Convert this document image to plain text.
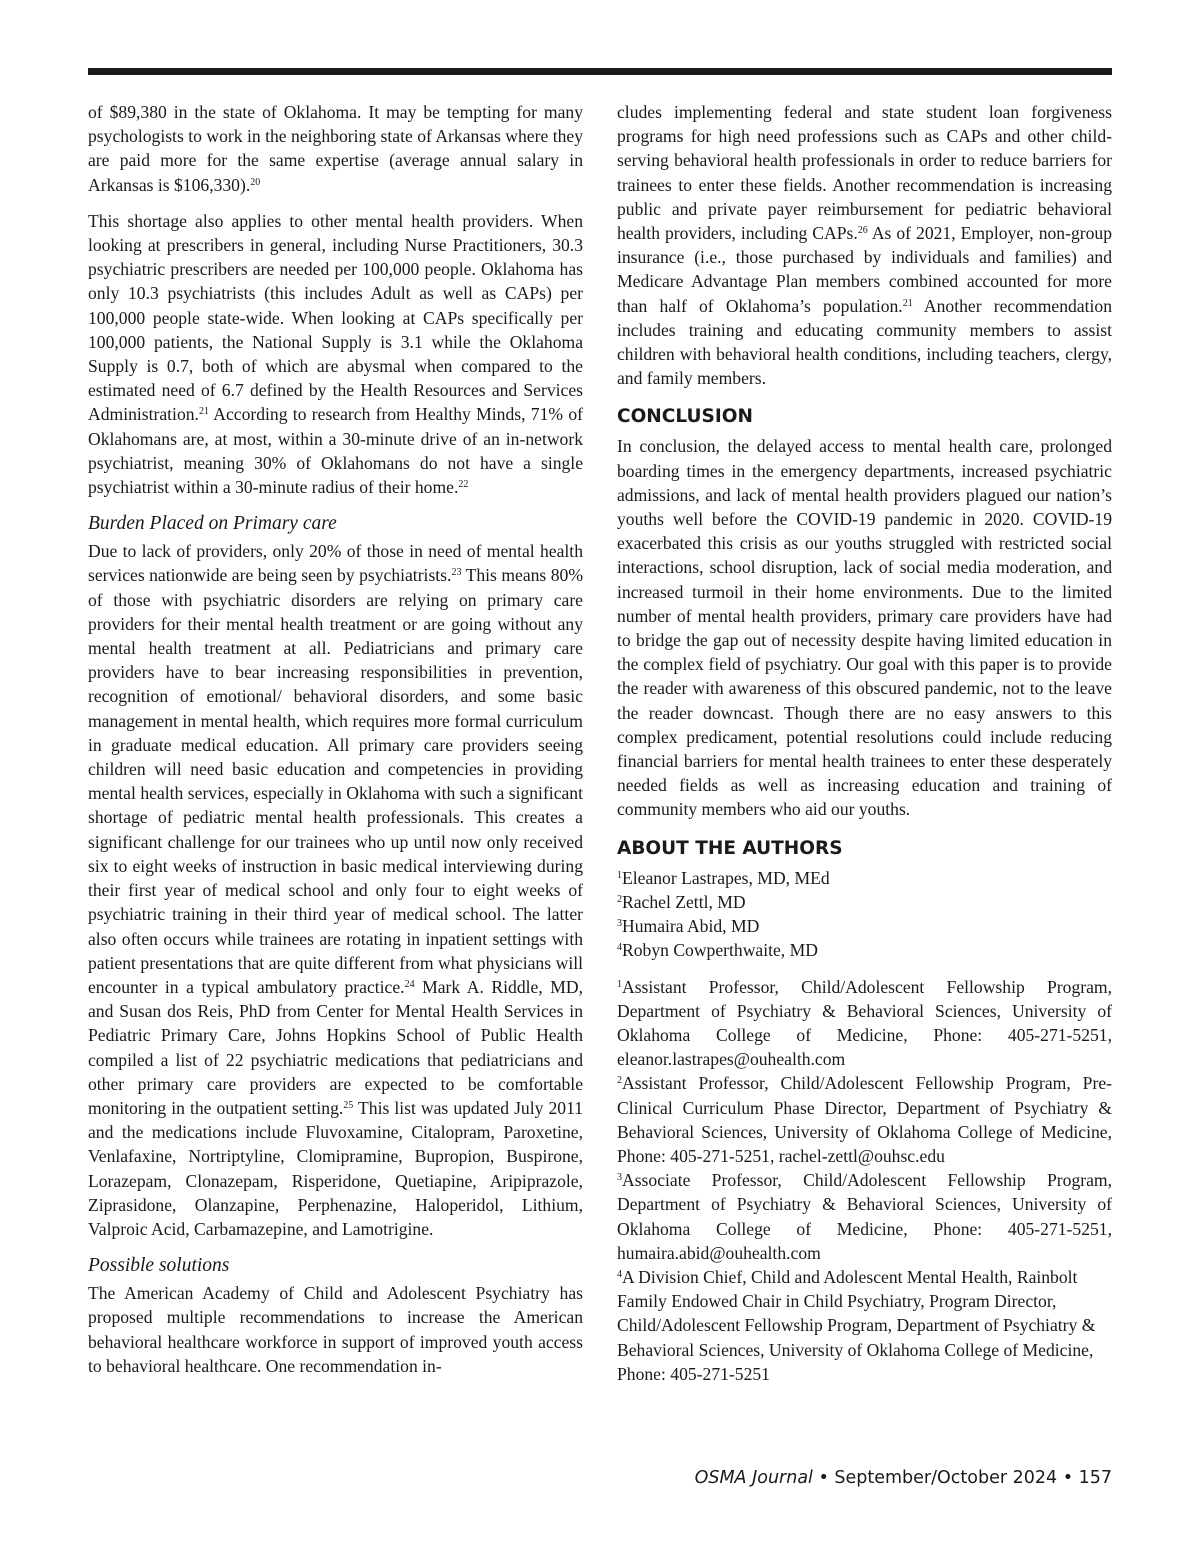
of $89,380 in the state of Oklahoma. It may be tempting for many psychologists to work in the neighboring state of Arkansas where they are paid more for the same expertise (average annual salary in Arkansas is $106,330).$^{20}$

This shortage also applies to other mental health providers. When looking at prescribers in general, including Nurse Practitioners, 30.3 psychiatric prescribers are needed per 100,000 people. Oklahoma has only 10.3 psychiatrists (this includes Adult as well as CAPs) per 100,000 people state-wide. When looking at CAPs specifically per 100,000 patients, the National Supply is 3.1 while the Oklahoma Supply is 0.7, both of which are abysmal when compared to the estimated need of 6.7 defined by the Health Resources and Services Administration.$^{21}$ According to research from Healthy Minds, 71% of Oklahomans are, at most, within a 30-minute drive of an in-network psychiatrist, meaning 30% of Oklahomans do not have a single psychiatrist within a 30-minute radius of their home.$^{22}$

Burden Placed on Primary care

Due to lack of providers, only 20% of those in need of mental health services nationwide are being seen by psychiatrists.$^{23}$ This means 80% of those with psychiatric disorders are relying on primary care providers for their mental health treatment or are going without any mental health treatment at all. Pediatricians and primary care providers have to bear increasing responsibilities in prevention, recognition of emotional/ behavioral disorders, and some basic management in mental health, which requires more formal curriculum in graduate medical education. All primary care providers seeing children will need basic education and competencies in providing mental health services, especially in Oklahoma with such a significant shortage of pediatric mental health professionals. This creates a significant challenge for our trainees who up until now only received six to eight weeks of instruction in basic medical interviewing during their first year of medical school and only four to eight weeks of psychiatric training in their third year of medical school. The latter also often occurs while trainees are rotating in inpatient settings with patient presentations that are quite different from what physicians will encounter in a typical ambulatory practice.$^{24}$ Mark A. Riddle, MD, and Susan dos Reis, PhD from Center for Mental Health Services in Pediatric Primary Care, Johns Hopkins School of Public Health compiled a list of 22 psychiatric medications that pediatricians and other primary care providers are expected to be comfortable monitoring in the outpatient setting.$^{25}$ This list was updated July 2011 and the medications include Fluvoxamine, Citalopram, Paroxetine, Venlafaxine, Nortriptyline, Clomipramine, Bupropion, Buspirone, Lorazepam, Clonazepam, Risperidone, Quetiapine, Aripiprazole, Ziprasidone, Olanzapine, Perphenazine, Haloperidol, Lithium, Valproic Acid, Carbamazepine, and Lamotrigine.

Possible solutions

The American Academy of Child and Adolescent Psychiatry has proposed multiple recommendations to increase the American behavioral healthcare workforce in support of improved youth access to behavioral healthcare. One recommendation in-

cludes implementing federal and state student loan forgiveness programs for high need professions such as CAPs and other child-serving behavioral health professionals in order to reduce barriers for trainees to enter these fields. Another recommendation is increasing public and private payer reimbursement for pediatric behavioral health providers, including CAPs.$^{26}$ As of 2021, Employer, non-group insurance (i.e., those purchased by individuals and families) and Medicare Advantage Plan members combined accounted for more than half of Oklahoma’s population.$^{21}$ Another recommendation includes training and educating community members to assist children with behavioral health conditions, including teachers, clergy, and family members.

CONCLUSION

In conclusion, the delayed access to mental health care, prolonged boarding times in the emergency departments, increased psychiatric admissions, and lack of mental health providers plagued our nation’s youths well before the COVID-19 pandemic in 2020. COVID-19 exacerbated this crisis as our youths struggled with restricted social interactions, school disruption, lack of social media moderation, and increased turmoil in their home environments. Due to the limited number of mental health providers, primary care providers have had to bridge the gap out of necessity despite having limited education in the complex field of psychiatry. Our goal with this paper is to provide the reader with awareness of this obscured pandemic, not to the leave the reader downcast. Though there are no easy answers to this complex predicament, potential resolutions could include reducing financial barriers for mental health trainees to enter these desperately needed fields as well as increasing education and training of community members who aid our youths.

ABOUT THE AUTHORS

$^1$Eleanor Lastrapes, MD, MEd

$^2$Rachel Zettl, MD

$^3$Humaira Abid, MD

$^4$Robyn Cowperthwaite, MD

$^1$Assistant Professor, Child/Adolescent Fellowship Program, Department of Psychiatry & Behavioral Sciences, University of Oklahoma College of Medicine, Phone: 405-271-5251, eleanor.lastrapes@ouhealth.com

$^2$Assistant Professor, Child/Adolescent Fellowship Program, Pre-Clinical Curriculum Phase Director, Department of Psychiatry & Behavioral Sciences, University of Oklahoma College of Medicine, Phone: 405-271-5251, rachel-zettl@ouhsc.edu

$^3$Associate Professor, Child/Adolescent Fellowship Program, Department of Psychiatry & Behavioral Sciences, University of Oklahoma College of Medicine, Phone: 405-271-5251, humaira.abid@ouhealth.com

$^4$A Division Chief, Child and Adolescent Mental Health, Rainbolt Family Endowed Chair in Child Psychiatry, Program Director, Child/Adolescent Fellowship Program, Department of Psychiatry & Behavioral Sciences, University of Oklahoma College of Medicine, Phone: 405-271-5251

OSMA Journal • September/October 2024 • 157
